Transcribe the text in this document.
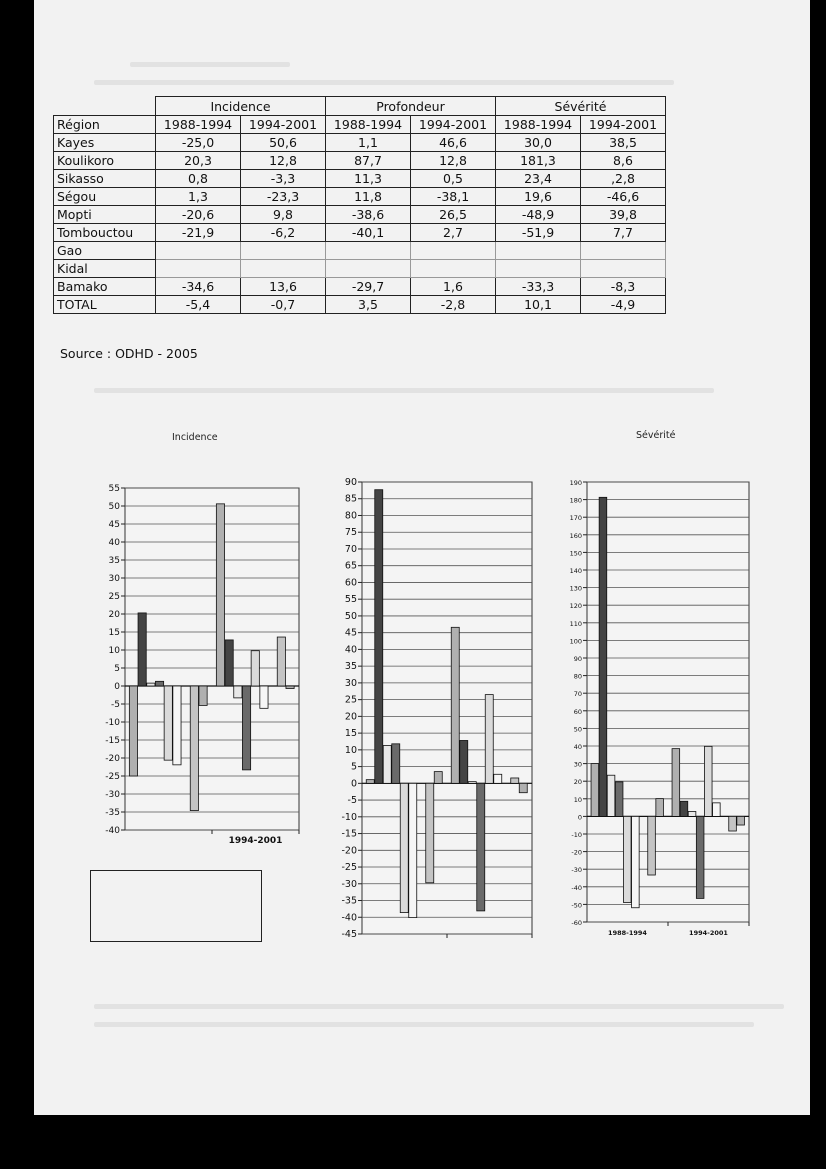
	Incidence		Profondeur		Sévérité	
Région	1988-1994	1994-2001	1988-1994	1994-2001	1988-1994	1994-2001
Kayes	-25,0	50,6	1,1	46,6	30,0	38,5
Koulikoro	20,3	12,8	87,7	12,8	181,3	8,6
Sikasso	0,8	-3,3	11,3	0,5	23,4	,2,8
Ségou	1,3	-23,3	11,8	-38,1	19,6	-46,6
Mopti	-20,6	9,8	-38,6	26,5	-48,9	39,8
Tombouctou	-21,9	-6,2	-40,1	2,7	-51,9	7,7
Gao						
Kidal						
Bamako	-34,6	13,6	-29,7	1,6	-33,3	-8,3
TOTAL	-5,4	-0,7	3,5	-2,8	10,1	-4,9
Source : ODHD - 2005
Incidence	Sévérité
-40
-35
-30
-25
-20
-15
-10
-5
0
5
10
15
20
25
30
35
40
45
50
55
1994-2001
-45
-40
-35
-30
-25
-20
-15
-10
-5
0
5
10
15
20
25
30
35
40
45
50
55
60
65
70
75
80
85
90
-60
-50
-40
-30
-20
-10
0
10
20
30
40
50
60
70
80
90
100
110
120
130
140
150
160
170
180
190
1988-1994	1994-2001
